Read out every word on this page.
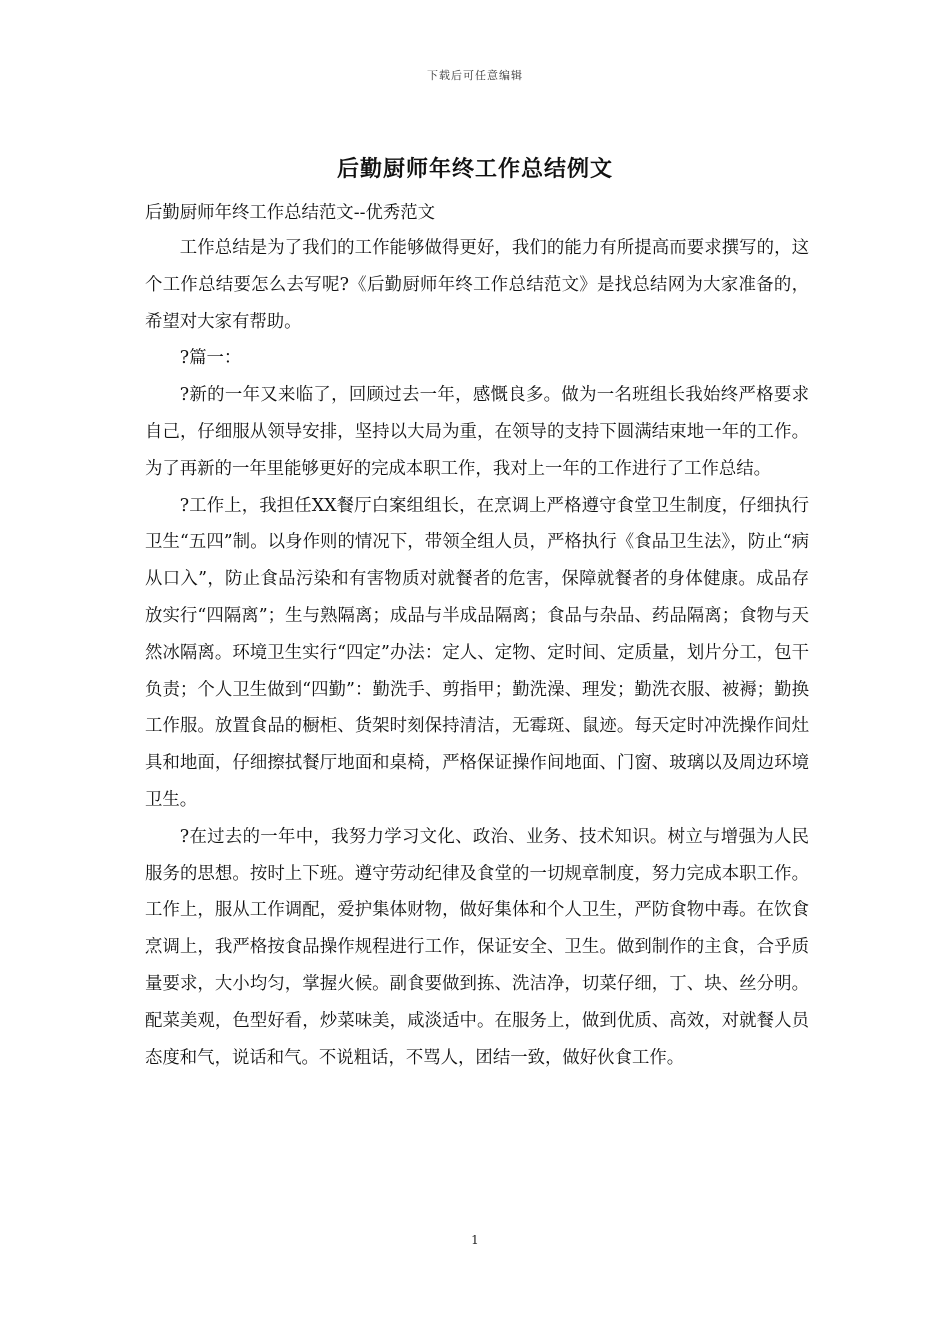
下载后可任意编辑
后勤厨师年终工作总结例文

后勤厨师年终工作总结范文--优秀范文

工作总结是为了我们的工作能够做得更好，我们的能力有所提高而要求撰写的，这个工作总结要怎么去写呢?《后勤厨师年终工作总结范文》是找总结网为大家准备的，希望对大家有帮助。

?篇一：

?新的一年又来临了，回顾过去一年，感慨良多。做为一名班组长我始终严格要求自己，仔细服从领导安排，坚持以大局为重，在领导的支持下圆满结束地一年的工作。为了再新的一年里能够更好的完成本职工作，我对上一年的工作进行了工作总结。

?工作上，我担任XX餐厅白案组组长，在烹调上严格遵守食堂卫生制度，仔细执行卫生“五四”制。以身作则的情况下，带领全组人员，严格执行《食品卫生法》，防止“病从口入”，防止食品污染和有害物质对就餐者的危害，保障就餐者的身体健康。成品存放实行“四隔离”；生与熟隔离；成品与半成品隔离；食品与杂品、药品隔离；食物与天然冰隔离。环境卫生实行“四定”办法：定人、定物、定时间、定质量，划片分工，包干负责；个人卫生做到“四勤”：勤洗手、剪指甲；勤洗澡、理发；勤洗衣服、被褥；勤换工作服。放置食品的橱柜、货架时刻保持清洁，无霉斑、鼠迹。每天定时冲洗操作间灶具和地面，仔细擦拭餐厅地面和桌椅，严格保证操作间地面、门窗、玻璃以及周边环境卫生。

?在过去的一年中，我努力学习文化、政治、业务、技术知识。树立与增强为人民服务的思想。按时上下班。遵守劳动纪律及食堂的一切规章制度，努力完成本职工作。工作上，服从工作调配，爱护集体财物，做好集体和个人卫生，严防食物中毒。在饮食烹调上，我严格按食品操作规程进行工作，保证安全、卫生。做到制作的主食，合乎质量要求，大小均匀，掌握火候。副食要做到拣、洗洁净，切菜仔细，丁、块、丝分明。配菜美观，色型好看，炒菜味美，咸淡适中。在服务上，做到优质、高效，对就餐人员态度和气，说话和气。不说粗话，不骂人，团结一致，做好伙食工作。

1
